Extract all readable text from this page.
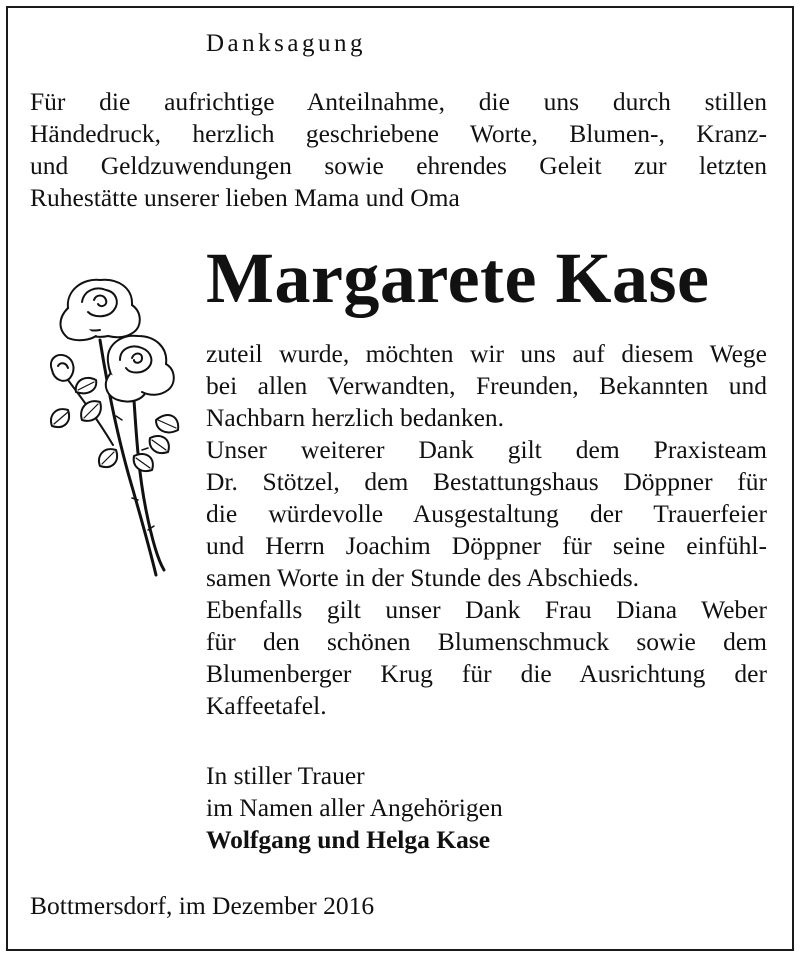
Danksagung
Für die aufrichtige Anteilnahme, die uns durch stillen
Händedruck, herzlich geschriebene Worte, Blumen-, Kranz-
und Geldzuwendungen sowie ehrendes Geleit zur letzten
Ruhestätte unserer lieben Mama und Oma
Margarete Kase
zuteil wurde, möchten wir uns auf diesem Wege
bei allen Verwandten, Freunden, Bekannten und
Nachbarn herzlich bedanken.
Unser weiterer Dank gilt dem Praxisteam
Dr. Stötzel, dem Bestattungshaus Döppner für
die würdevolle Ausgestaltung der Trauerfeier
und Herrn Joachim Döppner für seine einfühl-
samen Worte in der Stunde des Abschieds.
Ebenfalls gilt unser Dank Frau Diana Weber
für den schönen Blumenschmuck sowie dem
Blumenberger Krug für die Ausrichtung der
Kaffeetafel.
In stiller Trauer
im Namen aller Angehörigen
Wolfgang und Helga Kase
Bottmersdorf, im Dezember 2016
